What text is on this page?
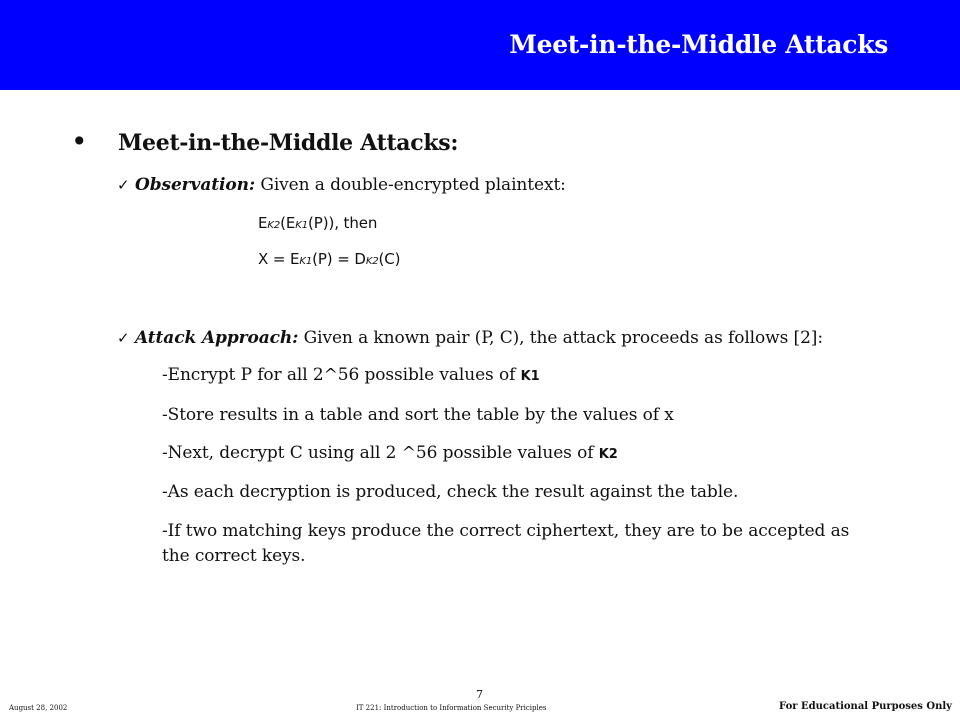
Meet-in-the-Middle Attacks
• Meet-in-the-Middle Attacks:
✓ Observation: Given a double-encrypted plaintext:
EK2(EK1(P)), then
X = EK1(P) = DK2(C)
✓ Attack Approach: Given a known pair (P, C), the attack proceeds as follows [2]:
-Encrypt P for all 2^56 possible values of K1
-Store results in a table and sort the table by the values of x
-Next, decrypt C using all 2 ^56 possible values of K2
-As each decryption is produced, check the result against the table.
-If two matching keys produce the correct ciphertext, they are to be accepted as
the correct keys.
7
August 28, 2002	IT 221: Introduction to Information Security Priciples	For Educational Purposes Only
